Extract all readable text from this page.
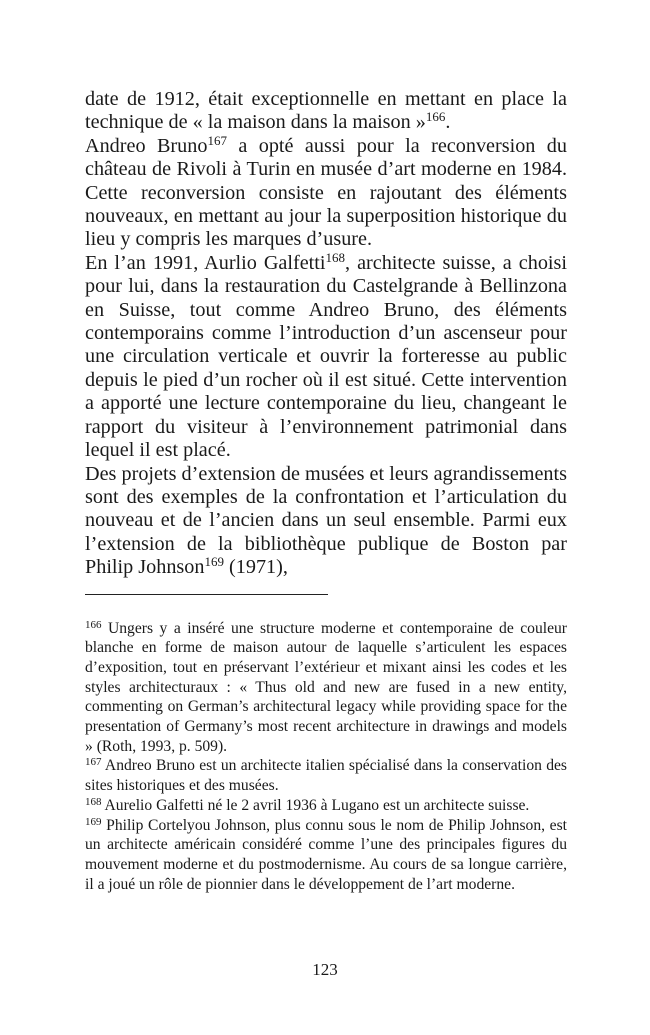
date de 1912, était exceptionnelle en mettant en place la technique de « la maison dans la maison »$^{166}$.

Andreo Bruno$^{167}$ a opté aussi pour la reconversion du château de Rivoli à Turin en musée d’art moderne en 1984. Cette reconversion consiste en rajoutant des éléments nouveaux, en mettant au jour la superposition historique du lieu y compris les marques d’usure.

En l’an 1991, Aurlio Galfetti$^{168}$, architecte suisse, a choisi pour lui, dans la restauration du Castelgrande à Bellinzona en Suisse, tout comme Andreo Bruno, des éléments contemporains comme l’introduction d’un ascenseur pour une circulation verticale et ouvrir la forteresse au public depuis le pied d’un rocher où il est situé. Cette intervention a apporté une lecture contemporaine du lieu, changeant le rapport du visiteur à l’environnement patrimonial dans lequel il est placé.

Des projets d’extension de musées et leurs agrandissements sont des exemples de la confrontation et l’articulation du nouveau et de l’ancien dans un seul ensemble. Parmi eux l’extension de la bibliothèque publique de Boston par Philip Johnson$^{169}$ (1971),

$^{166}$ Ungers y a inséré une structure moderne et contemporaine de couleur blanche en forme de maison autour de laquelle s’articulent les espaces d’exposition, tout en préservant l’extérieur et mixant ainsi les codes et les styles architecturaux : « Thus old and new are fused in a new entity, commenting on German’s architectural legacy while providing space for the presentation of Germany’s most recent architecture in drawings and models » (Roth, 1993, p. 509).

$^{167}$ Andreo Bruno est un architecte italien spécialisé dans la conservation des sites historiques et des musées.

$^{168}$ Aurelio Galfetti né le 2 avril 1936 à Lugano est un architecte suisse.

$^{169}$ Philip Cortelyou Johnson, plus connu sous le nom de Philip Johnson, est un architecte américain considéré comme l’une des principales figures du mouvement moderne et du postmodernisme. Au cours de sa longue carrière, il a joué un rôle de pionnier dans le développement de l’art moderne.

123
